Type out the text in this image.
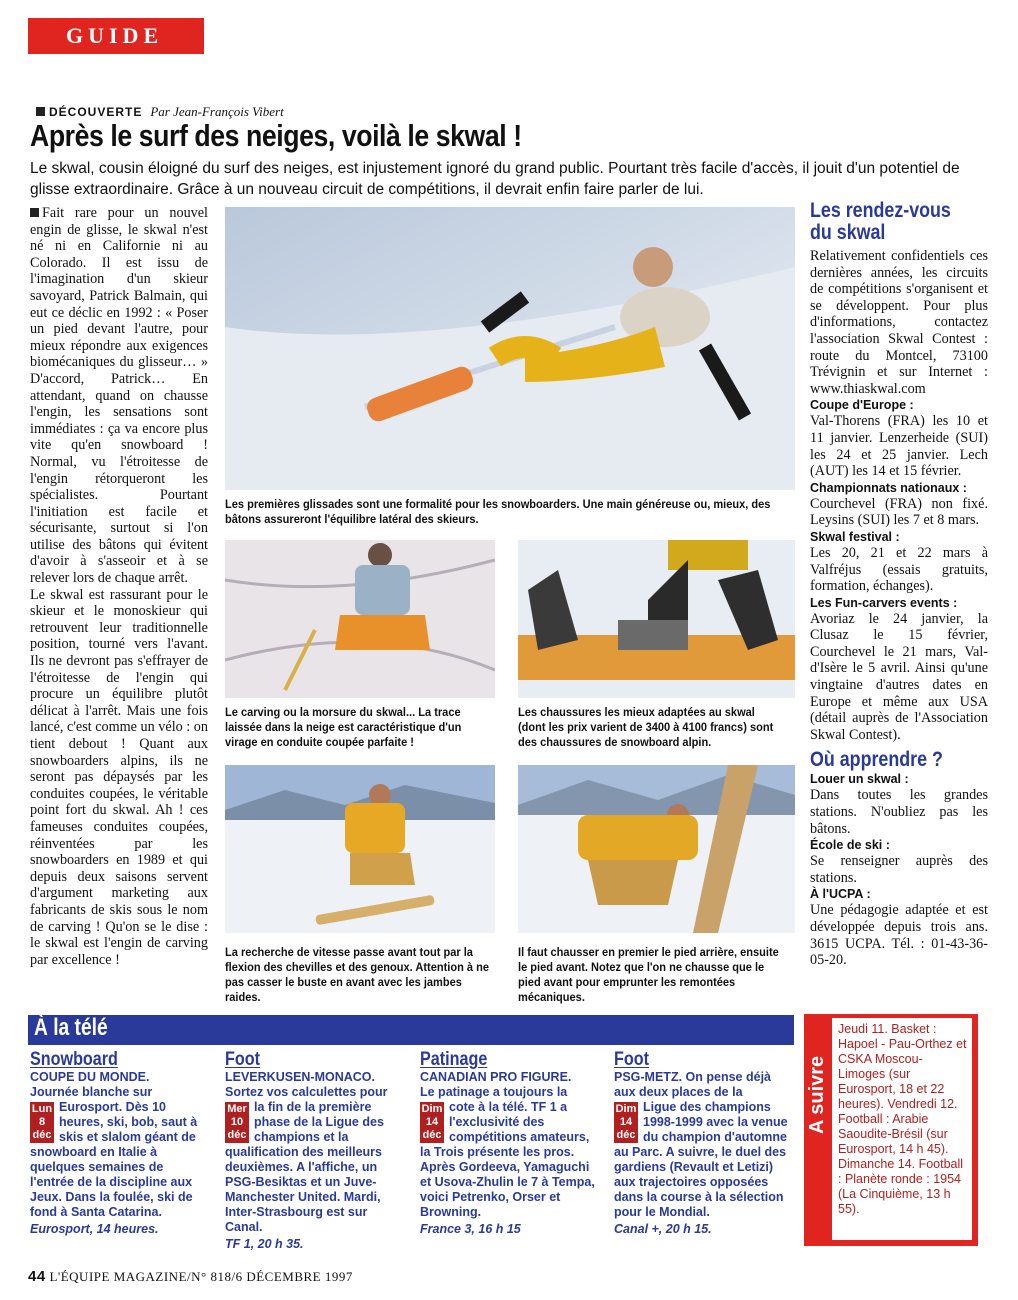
GUIDE
DÉCOUVERTE Par Jean-François Vibert
Après le surf des neiges, voilà le skwal !
Le skwal, cousin éloigné du surf des neiges, est injustement ignoré du grand public. Pourtant très facile d'accès, il jouit d'un potentiel de glisse extraordinaire. Grâce à un nouveau circuit de compétitions, il devrait enfin faire parler de lui.

Fait rare pour un nouvel engin de glisse, le skwal n'est né ni en Californie ni au Colorado. Il est issu de l'imagination d'un skieur savoyard, Patrick Balmain, qui eut ce déclic en 1992 : « Poser un pied devant l'autre, pour mieux répondre aux exigences biomécaniques du glisseur… » D'accord, Patrick… En attendant, quand on chausse l'engin, les sensations sont immédiates : ça va encore plus vite qu'en snowboard ! Normal, vu l'étroitesse de l'engin rétorqueront les spécialistes. Pourtant l'initiation est facile et sécurisante, surtout si l'on utilise des bâtons qui évitent d'avoir à s'asseoir et à se relever lors de chaque arrêt.

Le skwal est rassurant pour le skieur et le monoskieur qui retrouvent leur traditionnelle position, tourné vers l'avant. Ils ne devront pas s'effrayer de l'étroitesse de l'engin qui procure un équilibre plutôt délicat à l'arrêt. Mais une fois lancé, c'est comme un vélo : on tient debout ! Quant aux snowboarders alpins, ils ne seront pas dépaysés par les conduites coupées, le véritable point fort du skwal. Ah ! ces fameuses conduites coupées, réinventées par les snowboarders en 1989 et qui depuis deux saisons servent d'argument marketing aux fabricants de skis sous le nom de carving ! Qu'on se le dise : le skwal est l'engin de carving par excellence !

Les premières glissades sont une formalité pour les snowboarders. Une main généreuse ou, mieux, des bâtons assureront l'équilibre latéral des skieurs.
Le carving ou la morsure du skwal... La trace laissée dans la neige est caractéristique d'un virage en conduite coupée parfaite !
Les chaussures les mieux adaptées au skwal (dont les prix varient de 3400 à 4100 francs) sont des chaussures de snowboard alpin.
La recherche de vitesse passe avant tout par la flexion des chevilles et des genoux. Attention à ne pas casser le buste en avant avec les jambes raides.
Il faut chausser en premier le pied arrière, ensuite le pied avant. Notez que l'on ne chausse que le pied avant pour emprunter les remontées mécaniques.
Les rendez-vous
du skwal
Relativement confidentiels ces dernières années, les circuits de compétitions s'organisent et se développent. Pour plus d'informations, contactez l'association Skwal Contest : route du Montcel, 73100 Trévignin et sur Internet : www.thiaskwal.com
Coupe d'Europe :
Val-Thorens (FRA) les 10 et 11 janvier. Lenzerheide (SUI) les 24 et 25 janvier. Lech (AUT) les 14 et 15 février.
Championnats nationaux :
Courchevel (FRA) non fixé. Leysins (SUI) les 7 et 8 mars.
Skwal festival :
Les 20, 21 et 22 mars à Valfréjus (essais gratuits, formation, échanges).
Les Fun-carvers events :
Avoriaz le 24 janvier, la Clusaz le 15 février, Courchevel le 21 mars, Val-d'Isère le 5 avril. Ainsi qu'une vingtaine d'autres dates en Europe et même aux USA (détail auprès de l'Association Skwal Contest).
Où apprendre ?
Louer un skwal :
Dans toutes les grandes stations. N'oubliez pas les bâtons.
École de ski :
Se renseigner auprès des stations.
À l'UCPA :
Une pédagogie adaptée et est développée depuis trois ans. 3615 UCPA. Tél. : 01-43-36-05-20.
À la télé
Snowboard
COUPE DU MONDE.
Journée blanche sur
Lun
8
déc
Eurosport. Dès 10 heures, ski, bob, saut à skis et slalom géant de snowboard en Italie à quelques semaines de l'entrée de la discipline aux Jeux. Dans la foulée, ski de fond à Santa Catarina.
Eurosport, 14 heures.
Foot
LEVERKUSEN-MONACO.
Sortez vos calculettes pour
Mer
10
déc
la fin de la première phase de la Ligue des champions et la qualification des meilleurs deuxièmes. A l'affiche, un PSG-Besiktas et un Juve-Manchester United. Mardi, Inter-Strasbourg est sur Canal.
TF 1, 20 h 35.
Patinage
CANADIAN PRO FIGURE.
Le patinage a toujours la
Dim
14
déc
cote à la télé. TF 1 a l'exclusivité des compétitions amateurs, la Trois présente les pros. Après Gordeeva, Yamaguchi et Usova-Zhulin le 7 à Tempa, voici Petrenko, Orser et Browning.
France 3, 16 h 15
Foot
PSG-METZ. On pense déjà aux deux places de la
Dim
14
déc
Ligue des champions 1998-1999 avec la venue du champion d'automne au Parc. A suivre, le duel des gardiens (Revault et Letizi) aux trajectoires opposées dans la course à la sélection pour le Mondial.
Canal +, 20 h 15.
A suivre
Jeudi 11. Basket : Hapoel - Pau-Orthez et CSKA Moscou-Limoges (sur Eurosport, 18 et 22 heures). Vendredi 12. Football : Arabie Saoudite-Brésil (sur Eurosport, 14 h 45). Dimanche 14. Football : Planète ronde : 1954 (La Cinquième, 13 h 55).
44 L'ÉQUIPE MAGAZINE/N° 818/6 DÉCEMBRE 1997
